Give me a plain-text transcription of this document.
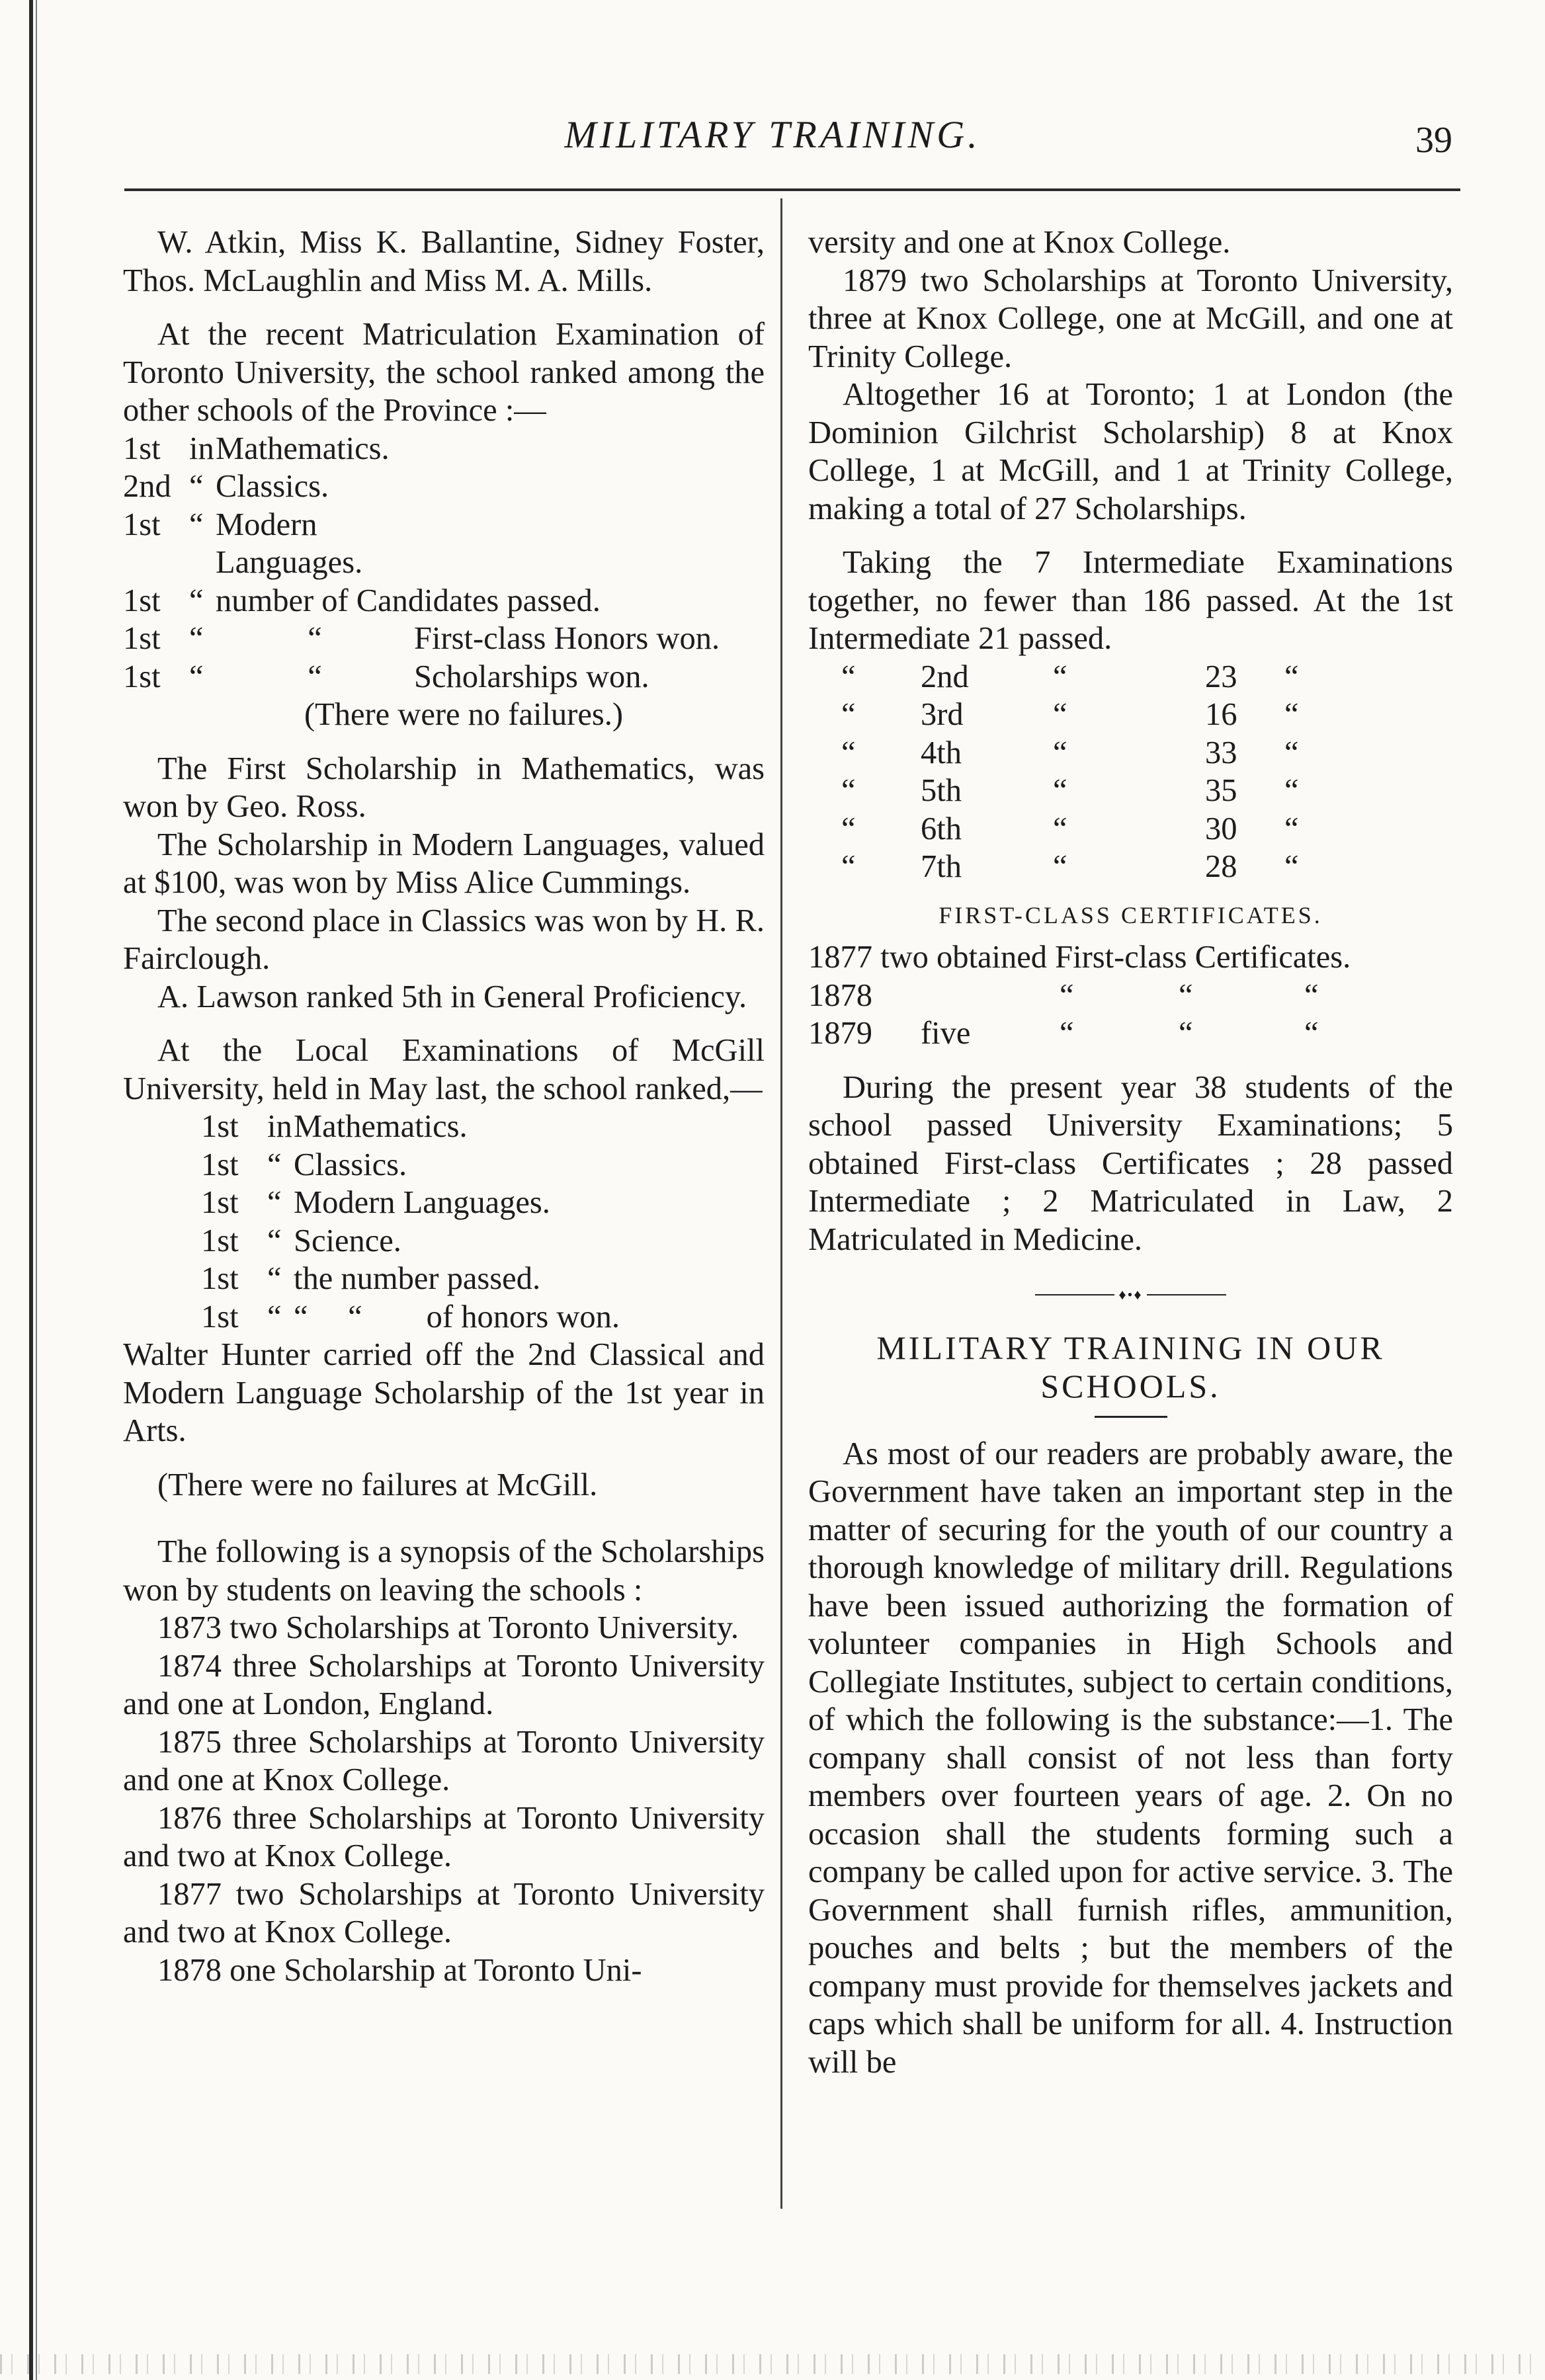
MILITARY TRAINING.	39

W. Atkin, Miss K. Ballantine, Sidney Foster, Thos. McLaughlin and Miss M. A. Mills.

At the recent Matriculation Examination of Toronto University, the school ranked among the other schools of the Province :—

1st in Mathematics.
2nd “ Classics.
1st “ Modern Languages.
1st “ number of Candidates passed.
1st “	“	First-class Honors won.
1st “	“	Scholarships won.

(There were no failures.)

The First Scholarship in Mathematics, was won by Geo. Ross.

The Scholarship in Modern Languages, valued at $100, was won by Miss Alice Cummings.

The second place in Classics was won by H. R. Fairclough.

A. Lawson ranked 5th in General Proficiency.

At the Local Examinations of McGill University, held in May last, the school ranked,—

1st in Mathematics.
1st “ Classics.
1st “ Modern Languages.
1st “ Science.
1st “ the number passed.
1st “ “     “        of honors won.

Walter Hunter carried off the 2nd Classical and Modern Language Scholarship of the 1st year in Arts.

(There were no failures at McGill.

The following is a synopsis of the Scholarships won by students on leaving the schools :

1873 two Scholarships at Toronto University.

1874 three Scholarships at Toronto University and one at London, England.

1875 three Scholarships at Toronto University and one at Knox College.

1876 three Scholarships at Toronto University and two at Knox College.

1877 two Scholarships at Toronto University and two at Knox College.

1878 one Scholarship at Toronto Uni-

versity and one at Knox College.

1879 two Scholarships at Toronto University, three at Knox College, one at McGill, and one at Trinity College.

Altogether 16 at Toronto; 1 at London (the Dominion Gilchrist Scholarship) 8 at Knox College, 1 at McGill, and 1 at Trinity College, making a total of 27 Scholarships.

Taking the 7 Intermediate Examinations together, no fewer than 186 passed. At the 1st Intermediate 21 passed.

“	2nd	“	23	“
“	3rd	“	16	“
“	4th	“	33	“
“	5th	“	35	“
“	6th	“	30	“
“	7th	“	28	“

FIRST-CLASS CERTIFICATES.

1877 two obtained First-class Certificates.

1878	“	“	“
1879	five	“	“	“

During the present year 38 students of the school passed University Examinations; 5 obtained First-class Certificates ; 28 passed Intermediate ; 2 Matriculated in Law, 2 Matriculated in Medicine.

♦•♦

MILITARY TRAINING IN OUR SCHOOLS.

As most of our readers are probably aware, the Government have taken an important step in the matter of securing for the youth of our country a thorough knowledge of military drill. Regulations have been issued authorizing the formation of volunteer companies in High Schools and Collegiate Institutes, subject to certain conditions, of which the following is the substance:—1. The company shall consist of not less than forty members over fourteen years of age. 2. On no occasion shall the students forming such a company be called upon for active service. 3. The Government shall furnish rifles, ammunition, pouches and belts ; but the members of the company must provide for themselves jackets and caps which shall be uniform for all. 4. Instruction will be
